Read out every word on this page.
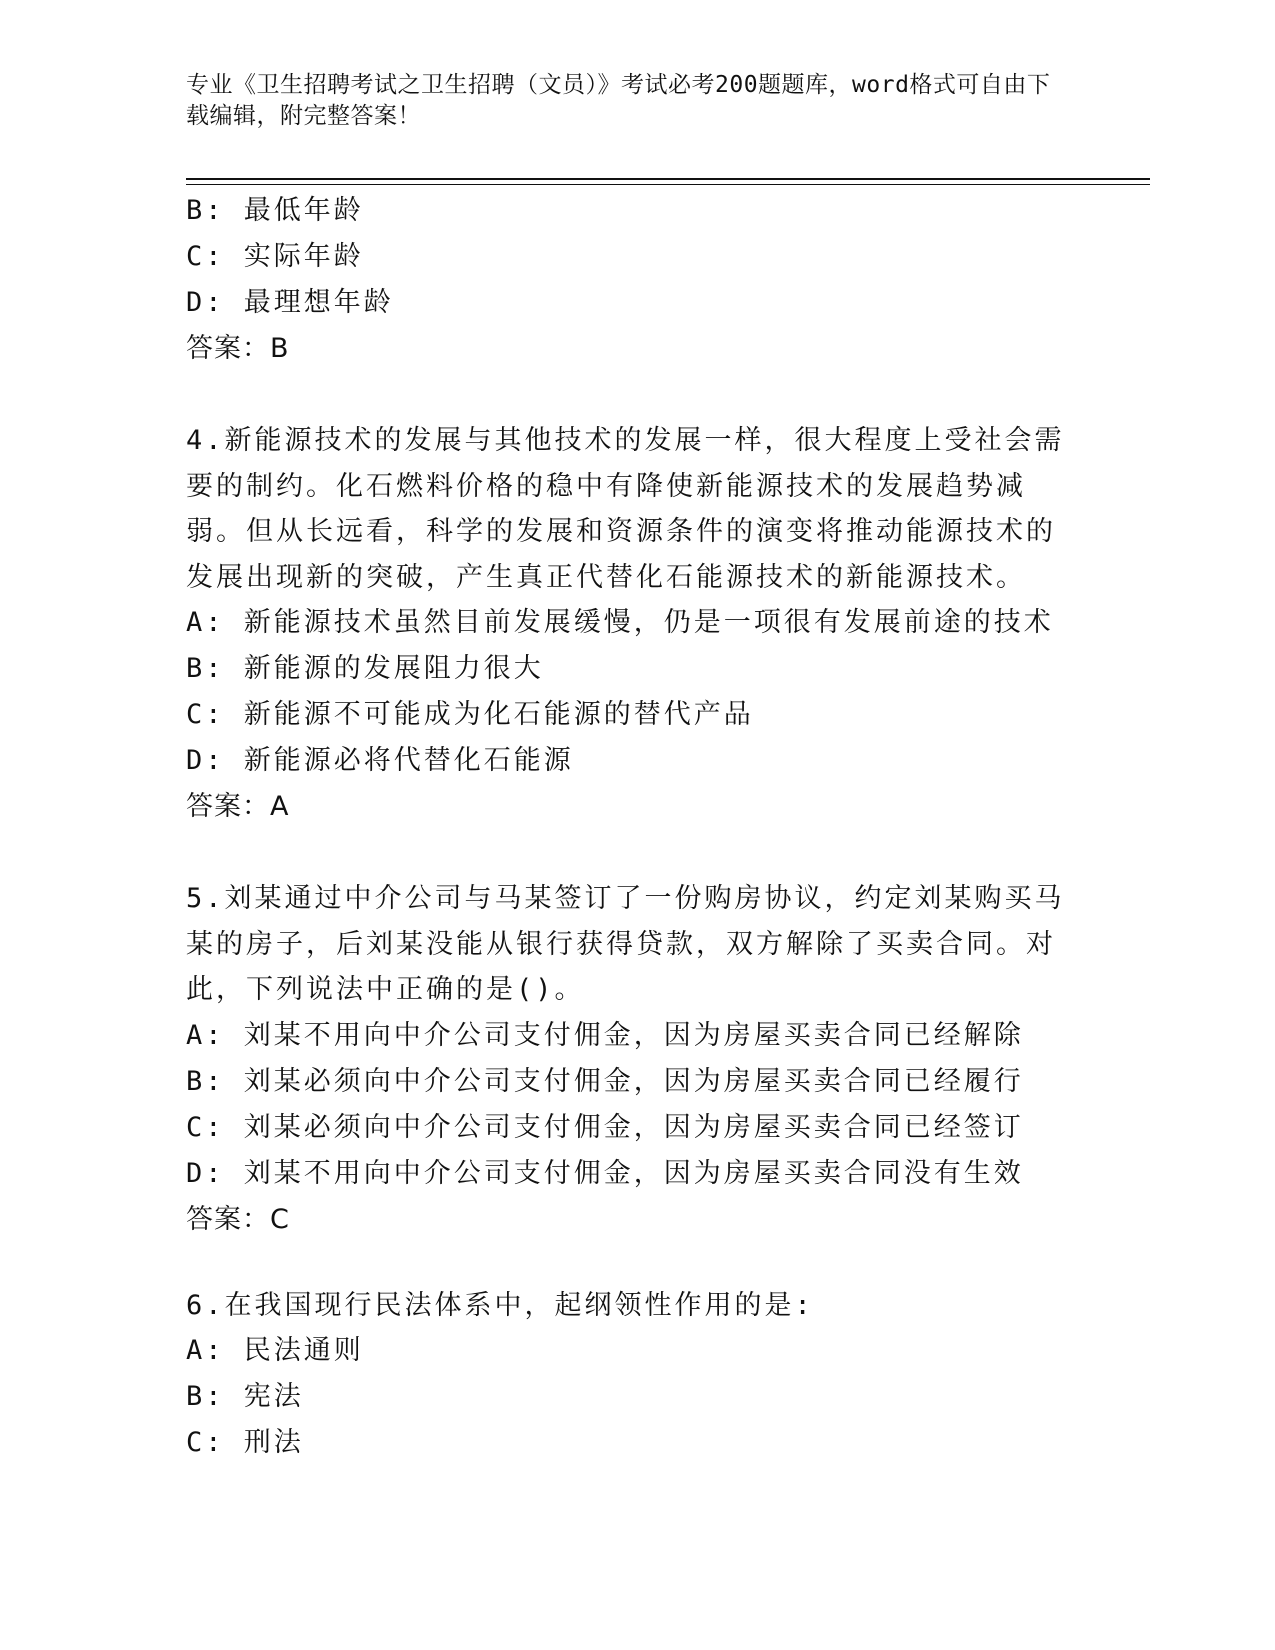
专业《卫生招聘考试之卫生招聘（文员）》考试必考200题题库，word格式可自由下载编辑，附完整答案！
B: 最低年龄
C: 实际年龄
D: 最理想年龄
答案：B
4.新能源技术的发展与其他技术的发展一样，很大程度上受社会需要的制约。化石燃料价格的稳中有降使新能源技术的发展趋势减弱。但从长远看，科学的发展和资源条件的演变将推动能源技术的发展出现新的突破，产生真正代替化石能源技术的新能源技术。
A: 新能源技术虽然目前发展缓慢，仍是一项很有发展前途的技术
B: 新能源的发展阻力很大
C: 新能源不可能成为化石能源的替代产品
D: 新能源必将代替化石能源
答案：A
5.刘某通过中介公司与马某签订了一份购房协议，约定刘某购买马某的房子，后刘某没能从银行获得贷款，双方解除了买卖合同。对此，下列说法中正确的是()。
A: 刘某不用向中介公司支付佣金，因为房屋买卖合同已经解除
B: 刘某必须向中介公司支付佣金，因为房屋买卖合同已经履行
C: 刘某必须向中介公司支付佣金，因为房屋买卖合同已经签订
D: 刘某不用向中介公司支付佣金，因为房屋买卖合同没有生效
答案：C
6.在我国现行民法体系中，起纲领性作用的是:
A: 民法通则
B: 宪法
C: 刑法
